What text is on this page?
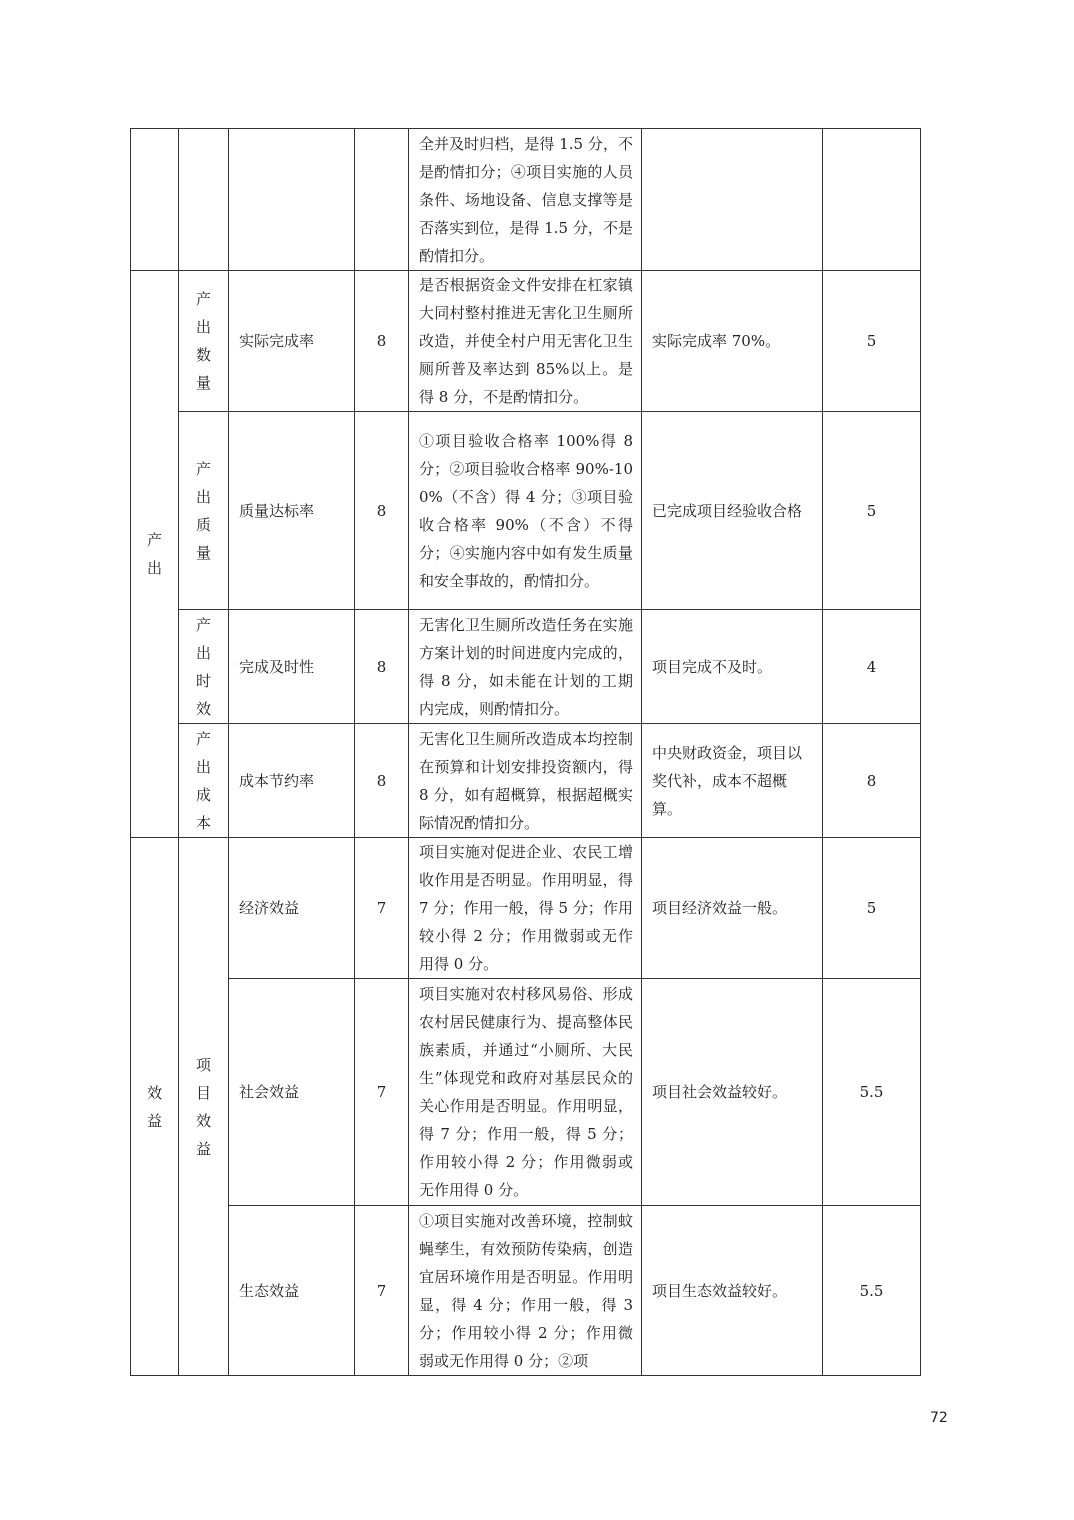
				全并及时归档，是得 1.5 分，不是酌情扣分；④项目实施的人员条件、场地设备、信息支撑等是否落实到位，是得 1.5 分，不是酌情扣分。		

产出	产出数量	实际完成率	8	是否根据资金文件安排在杠家镇大同村整村推进无害化卫生厕所改造，并使全村户用无害化卫生厕所普及率达到 85%以上。是得 8 分，不是酌情扣分。	实际完成率 70%。	5

	产出质量	质量达标率	8	①项目验收合格率 100%得 8 分；②项目验收合格率 90%-100%（不含）得 4 分；③项目验收合格率 90%（不含）不得分；④实施内容中如有发生质量和安全事故的，酌情扣分。	已完成项目经验收合格	5

	产出时效	完成及时性	8	无害化卫生厕所改造任务在实施方案计划的时间进度内完成的，得 8 分，如未能在计划的工期内完成，则酌情扣分。	项目完成不及时。	4

	产出成本	成本节约率	8	无害化卫生厕所改造成本均控制在预算和计划安排投资额内，得 8 分，如有超概算，根据超概实际情况酌情扣分。	中央财政资金，项目以奖代补，成本不超概算。	8

效益	项目效益	经济效益	7	项目实施对促进企业、农民工增收作用是否明显。作用明显，得 7 分；作用一般，得 5 分；作用较小得 2 分；作用微弱或无作用得 0 分。	项目经济效益一般。	5
		社会效益	7	项目实施对农村移风易俗、形成农村居民健康行为、提高整体民族素质，并通过“小厕所、大民生”体现党和政府对基层民众的关心作用是否明显。作用明显，得 7 分；作用一般，得 5 分；作用较小得 2 分；作用微弱或无作用得 0 分。	项目社会效益较好。	5.5
		生态效益	7	①项目实施对改善环境，控制蚊蝇孳生，有效预防传染病，创造宜居环境作用是否明显。作用明显，得 4 分；作用一般，得 3 分；作用较小得 2 分；作用微弱或无作用得 0 分；②项	项目生态效益较好。	5.5
72
